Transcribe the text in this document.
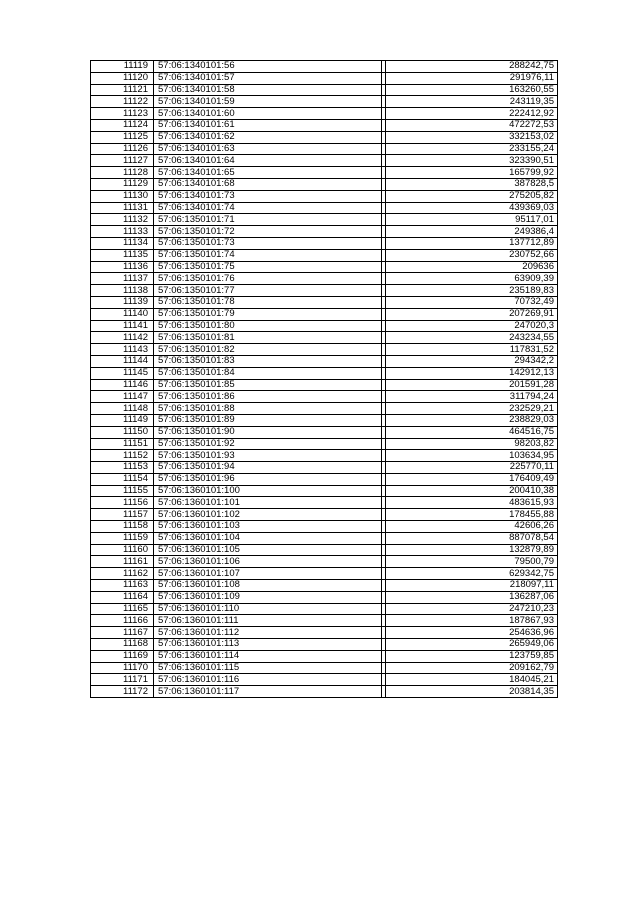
11119	57:06:1340101:56		288242,75
11120	57:06:1340101:57		291976,11
11121	57:06:1340101:58		163260,55
11122	57:06:1340101:59		243119,35
11123	57:06:1340101:60		222412,92
11124	57:06:1340101:61		472272,53
11125	57:06:1340101:62		332153,02
11126	57:06:1340101:63		233155,24
11127	57:06:1340101:64		323390,51
11128	57:06:1340101:65		165799,92
11129	57:06:1340101:68		387828,5
11130	57:06:1340101:73		275205,82
11131	57:06:1340101:74		439369,03
11132	57:06:1350101:71		95117,01
11133	57:06:1350101:72		249386,4
11134	57:06:1350101:73		137712,89
11135	57:06:1350101:74		230752,66
11136	57:06:1350101:75		209636
11137	57:06:1350101:76		63909,39
11138	57:06:1350101:77		235189,83
11139	57:06:1350101:78		70732,49
11140	57:06:1350101:79		207269,91
11141	57:06:1350101:80		247020,3
11142	57:06:1350101:81		243234,55
11143	57:06:1350101:82		117831,52
11144	57:06:1350101:83		294342,2
11145	57:06:1350101:84		142912,13
11146	57:06:1350101:85		201591,28
11147	57:06:1350101:86		311794,24
11148	57:06:1350101:88		232529,21
11149	57:06:1350101:89		238829,03
11150	57:06:1350101:90		464516,75
11151	57:06:1350101:92		98203,82
11152	57:06:1350101:93		103634,95
11153	57:06:1350101:94		225770,11
11154	57:06:1350101:96		176409,49
11155	57:06:1360101:100		200410,38
11156	57:06:1360101:101		483615,93
11157	57:06:1360101:102		178455,88
11158	57:06:1360101:103		42606,26
11159	57:06:1360101:104		887078,54
11160	57:06:1360101:105		132879,89
11161	57:06:1360101:106		79500,79
11162	57:06:1360101:107		629342,75
11163	57:06:1360101:108		218097,11
11164	57:06:1360101:109		136287,06
11165	57:06:1360101:110		247210,23
11166	57:06:1360101:111		187867,93
11167	57:06:1360101:112		254636,96
11168	57:06:1360101:113		265949,06
11169	57:06:1360101:114		123759,85
11170	57:06:1360101:115		209162,79
11171	57:06:1360101:116		184045,21
11172	57:06:1360101:117		203814,35
